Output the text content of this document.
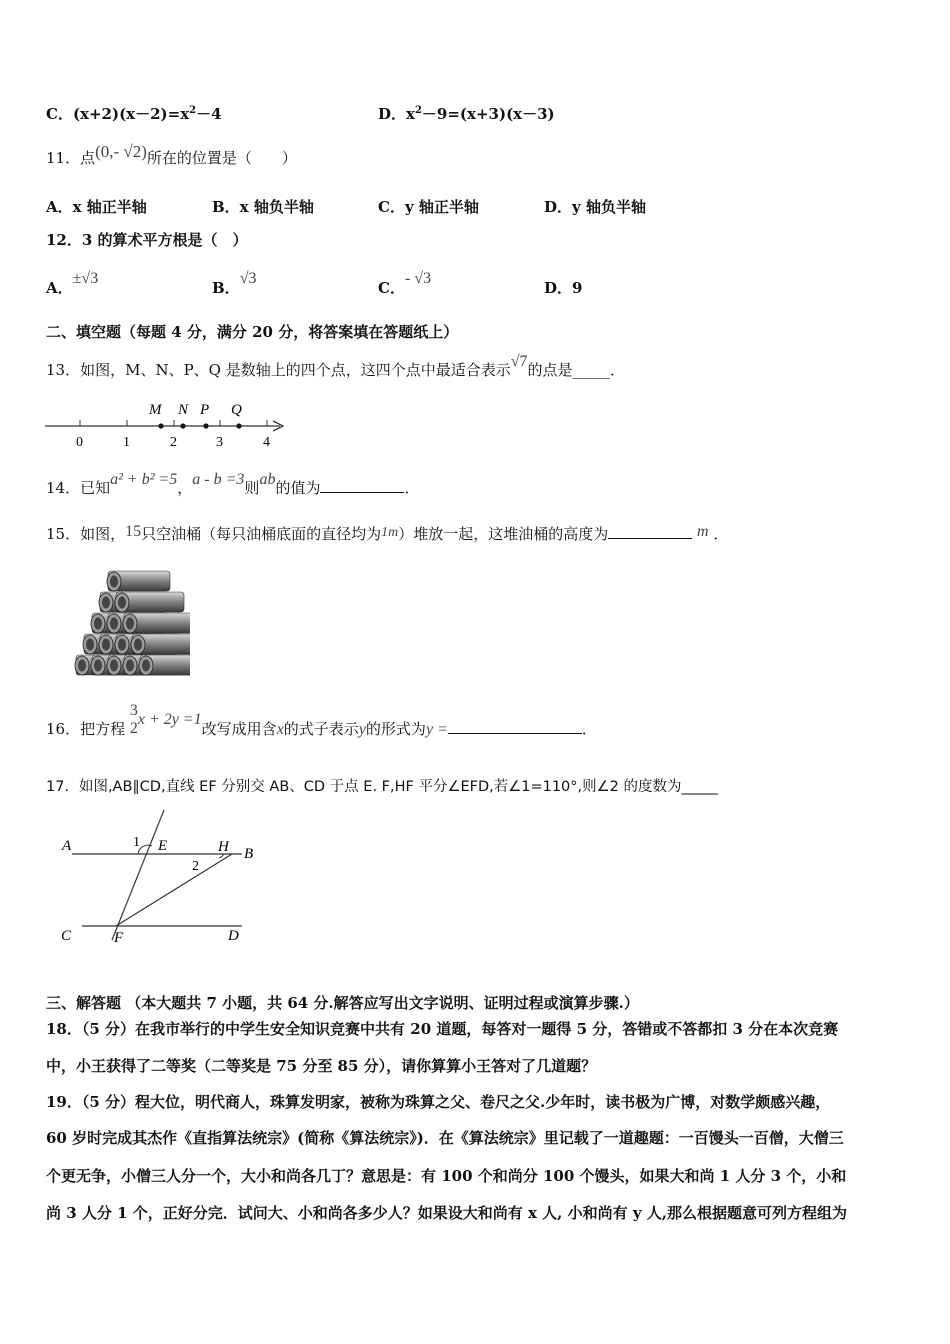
C．$(x+2)(x-2)=x^2-4$	D．$x^2-9=(x+3)(x-3)$
11．点(0,- √2)所在的位置是（　　）
A．x 轴正半轴	B．x 轴负半轴	C．y 轴正半轴	D．y 轴负半轴
12．3 的算术平方根是（　）
A．±√3
B．√3
C．- √3
D．9
二、填空题（每题 4 分，满分 20 分，将答案填在答题纸上）
13．如图，M、N、P、Q 是数轴上的四个点，这四个点中最适合表示√7的点是_____．
0	1	2	3	4
M N P Q
14．已知a² + b² =5，a - b =3则ab的值为	．
15．如图，15只空油桶（每只油桶底面的直径均为1m）堆放一起，这堆油桶的高度为	m ．
16．把方程
3
2
x + 2y =1改写成用含x的式子表示y的形式为y =	．
17．如图,AB∥CD,直线 EF 分别交 AB、CD 于点 E. F,HF 平分∠EFD,若∠1=110°,则∠2 的度数为_____
A	1 E	H B
2
C	F	D
三、解答题 （本大题共 7 小题，共 64 分.解答应写出文字说明、证明过程或演算步骤.）
18．（5 分）在我市举行的中学生安全知识竞赛中共有 20 道题，每答对一题得 5 分，答错或不答都扣 3 分在本次竞赛
中，小王获得了二等奖（二等奖是 75 分至 85 分），请你算算小王答对了几道题？
19．（5 分）程大位，明代商人，珠算发明家，被称为珠算之父、卷尺之父.少年时，读书极为广博，对数学颇感兴趣，
60 岁时完成其杰作《直指算法统宗》(简称《算法统宗》)．在《算法统宗》里记载了一道趣题：一百馒头一百僧，大僧三
个更无争，小僧三人分一个，大小和尚各几丁？意思是：有 100 个和尚分 100 个馒头，如果大和尚 1 人分 3 个，小和
尚 3 人分 1 个，正好分完．试问大、小和尚各多少人？如果设大和尚有 x 人, 小和尚有 y 人,那么根据题意可列方程组为
